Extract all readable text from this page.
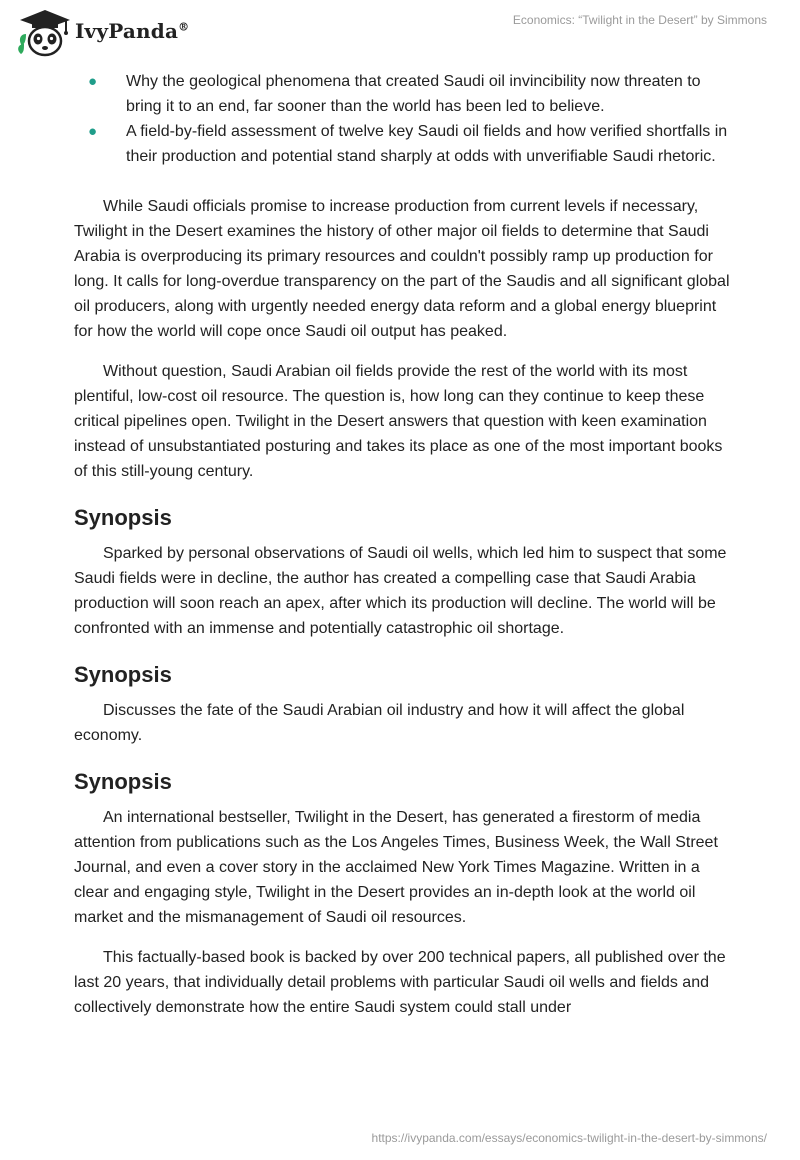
IvyPanda®	Economics: “Twilight in the Desert” by Simmons
● Why the geological phenomena that created Saudi oil invincibility now threaten to bring it to an end, far sooner than the world has been led to believe.
● A field-by-field assessment of twelve key Saudi oil fields and how verified shortfalls in their production and potential stand sharply at odds with unverifiable Saudi rhetoric.

While Saudi officials promise to increase production from current levels if necessary, Twilight in the Desert examines the history of other major oil fields to determine that Saudi Arabia is overproducing its primary resources and couldn't possibly ramp up production for long. It calls for long-overdue transparency on the part of the Saudis and all significant global oil producers, along with urgently needed energy data reform and a global energy blueprint for how the world will cope once Saudi oil output has peaked.

Without question, Saudi Arabian oil fields provide the rest of the world with its most plentiful, low-cost oil resource. The question is, how long can they continue to keep these critical pipelines open. Twilight in the Desert answers that question with keen examination instead of unsubstantiated posturing and takes its place as one of the most important books of this still-young century.

Synopsis

Sparked by personal observations of Saudi oil wells, which led him to suspect that some Saudi fields were in decline, the author has created a compelling case that Saudi Arabia production will soon reach an apex, after which its production will decline. The world will be confronted with an immense and potentially catastrophic oil shortage.

Synopsis

Discusses the fate of the Saudi Arabian oil industry and how it will affect the global economy.

Synopsis

An international bestseller, Twilight in the Desert, has generated a firestorm of media attention from publications such as the Los Angeles Times, Business Week, the Wall Street Journal, and even a cover story in the acclaimed New York Times Magazine. Written in a clear and engaging style, Twilight in the Desert provides an in-depth look at the world oil market and the mismanagement of Saudi oil resources.

This factually-based book is backed by over 200 technical papers, all published over the last 20 years, that individually detail problems with particular Saudi oil wells and fields and collectively demonstrate how the entire Saudi system could stall under

https://ivypanda.com/essays/economics-twilight-in-the-desert-by-simmons/
